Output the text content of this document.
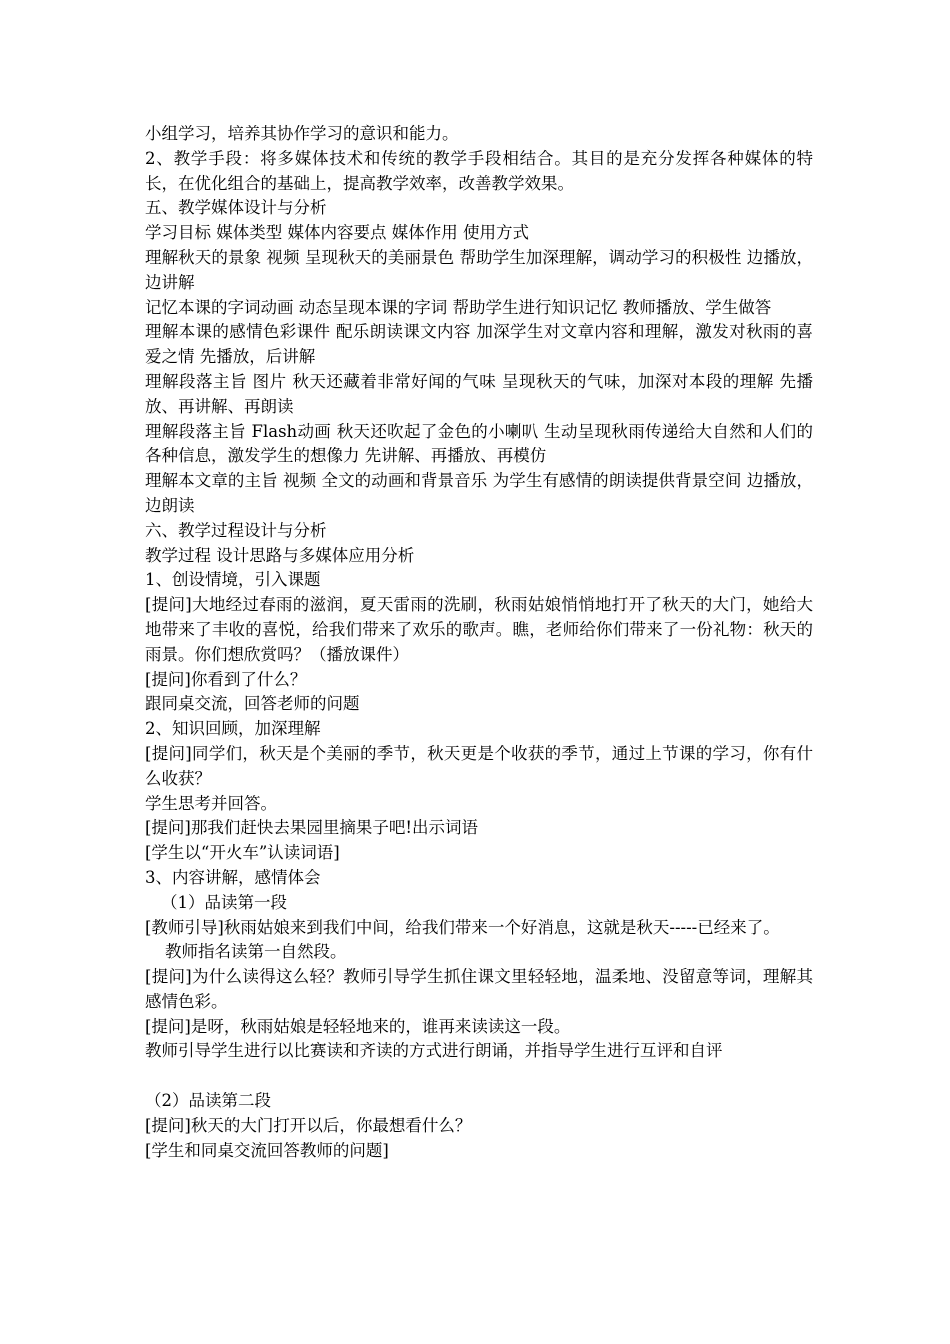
小组学习，培养其协作学习的意识和能力。

2、教学手段：将多媒体技术和传统的教学手段相结合。其目的是充分发挥各种媒体的特长，在优化组合的基础上，提高教学效率，改善教学效果。

五、教学媒体设计与分析

学习目标 媒体类型 媒体内容要点 媒体作用 使用方式

理解秋天的景象 视频 呈现秋天的美丽景色 帮助学生加深理解，调动学习的积极性 边播放，边讲解

记忆本课的字词动画 动态呈现本课的字词 帮助学生进行知识记忆 教师播放、学生做答

理解本课的感情色彩课件 配乐朗读课文内容 加深学生对文章内容和理解，激发对秋雨的喜爱之情 先播放，后讲解

理解段落主旨 图片 秋天还藏着非常好闻的气味 呈现秋天的气味，加深对本段的理解 先播放、再讲解、再朗读

理解段落主旨 Flash动画 秋天还吹起了金色的小喇叭 生动呈现秋雨传递给大自然和人们的各种信息，激发学生的想像力 先讲解、再播放、再模仿

理解本文章的主旨 视频 全文的动画和背景音乐 为学生有感情的朗读提供背景空间 边播放，边朗读

六、教学过程设计与分析

教学过程 设计思路与多媒体应用分析

1、创设情境，引入课题

[提问]大地经过春雨的滋润，夏天雷雨的洗刷，秋雨姑娘悄悄地打开了秋天的大门，她给大地带来了丰收的喜悦，给我们带来了欢乐的歌声。瞧，老师给你们带来了一份礼物：秋天的雨景。你们想欣赏吗？（播放课件）

[提问]你看到了什么？

跟同桌交流，回答老师的问题

2、知识回顾，加深理解

[提问]同学们，秋天是个美丽的季节，秋天更是个收获的季节，通过上节课的学习，你有什么收获？

学生思考并回答。

[提问]那我们赶快去果园里摘果子吧!出示词语

[学生以“开火车”认读词语]

3、内容讲解，感情体会

（1）品读第一段

[教师引导]秋雨姑娘来到我们中间，给我们带来一个好消息，这就是秋天-----已经来了。

教师指名读第一自然段。

[提问]为什么读得这么轻？教师引导学生抓住课文里轻轻地，温柔地、没留意等词，理解其感情色彩。

[提问]是呀，秋雨姑娘是轻轻地来的，谁再来读读这一段。

教师引导学生进行以比赛读和齐读的方式进行朗诵，并指导学生进行互评和自评

（2）品读第二段

[提问]秋天的大门打开以后，你最想看什么？

[学生和同桌交流回答教师的问题]
